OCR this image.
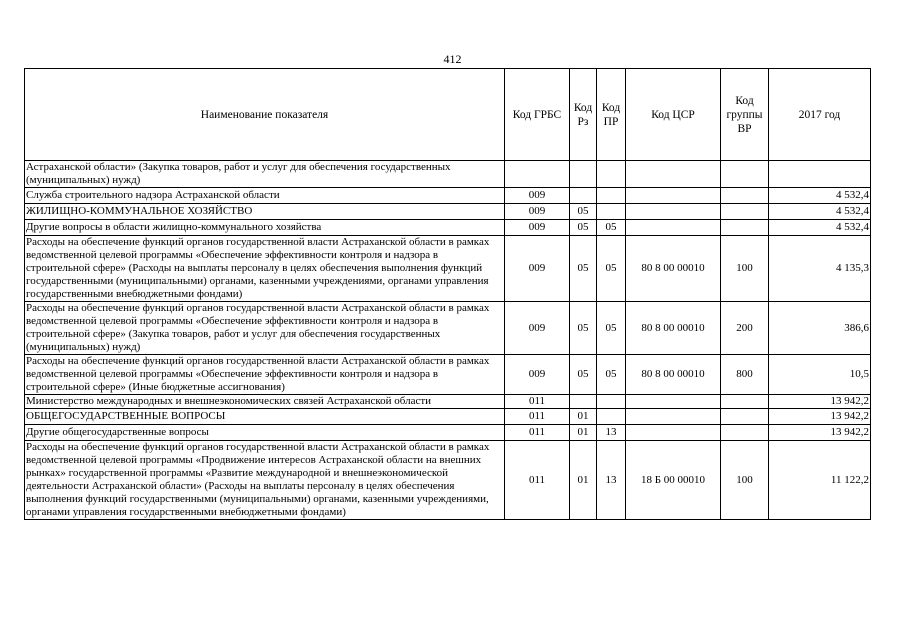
412
Наименование показателя	Код ГРБС	Код Рз	Код ПР	Код ЦСР	Код группы ВР	2017 год
Астраханской области» (Закупка товаров, работ и услуг для обеспечения государственных (муниципальных) нужд)						
Служба строительного надзора Астраханской области	009					4 532,4
ЖИЛИЩНО-КОММУНАЛЬНОЕ ХОЗЯЙСТВО	009	05				4 532,4
Другие вопросы в области жилищно-коммунального хозяйства	009	05	05			4 532,4
Расходы на обеспечение функций органов государственной власти Астраханской области в рамках ведомственной целевой программы «Обеспечение эффективности контроля и надзора в строительной сфере» (Расходы на выплаты персоналу в целях обеспечения выполнения функций государственными (муниципальными) органами, казенными учреждениями, органами управления государственными внебюджетными фондами)	009	05	05	80 8 00 00010	100	4 135,3
Расходы на обеспечение функций органов государственной власти Астраханской области в рамках ведомственной целевой программы «Обеспечение эффективности контроля и надзора в строительной сфере» (Закупка товаров, работ и услуг для обеспечения государственных (муниципальных) нужд)	009	05	05	80 8 00 00010	200	386,6
Расходы на обеспечение функций органов государственной власти Астраханской области в рамках ведомственной целевой программы «Обеспечение эффективности контроля и надзора в строительной сфере» (Иные бюджетные ассигнования)	009	05	05	80 8 00 00010	800	10,5
Министерство международных и внешнеэкономических связей Астраханской области	011					13 942,2
ОБЩЕГОСУДАРСТВЕННЫЕ ВОПРОСЫ	011	01				13 942,2
Другие общегосударственные вопросы	011	01	13			13 942,2
Расходы на обеспечение функций органов государственной власти Астраханской области в рамках ведомственной целевой программы «Продвижение интересов Астраханской области на внешних рынках» государственной программы «Развитие международной и внешнеэкономической деятельности Астраханской области» (Расходы на выплаты персоналу в целях обеспечения выполнения функций государственными (муниципальными) органами, казенными учреждениями, органами управления государственными внебюджетными фондами)	011	01	13	18 Б 00 00010	100	11 122,2
